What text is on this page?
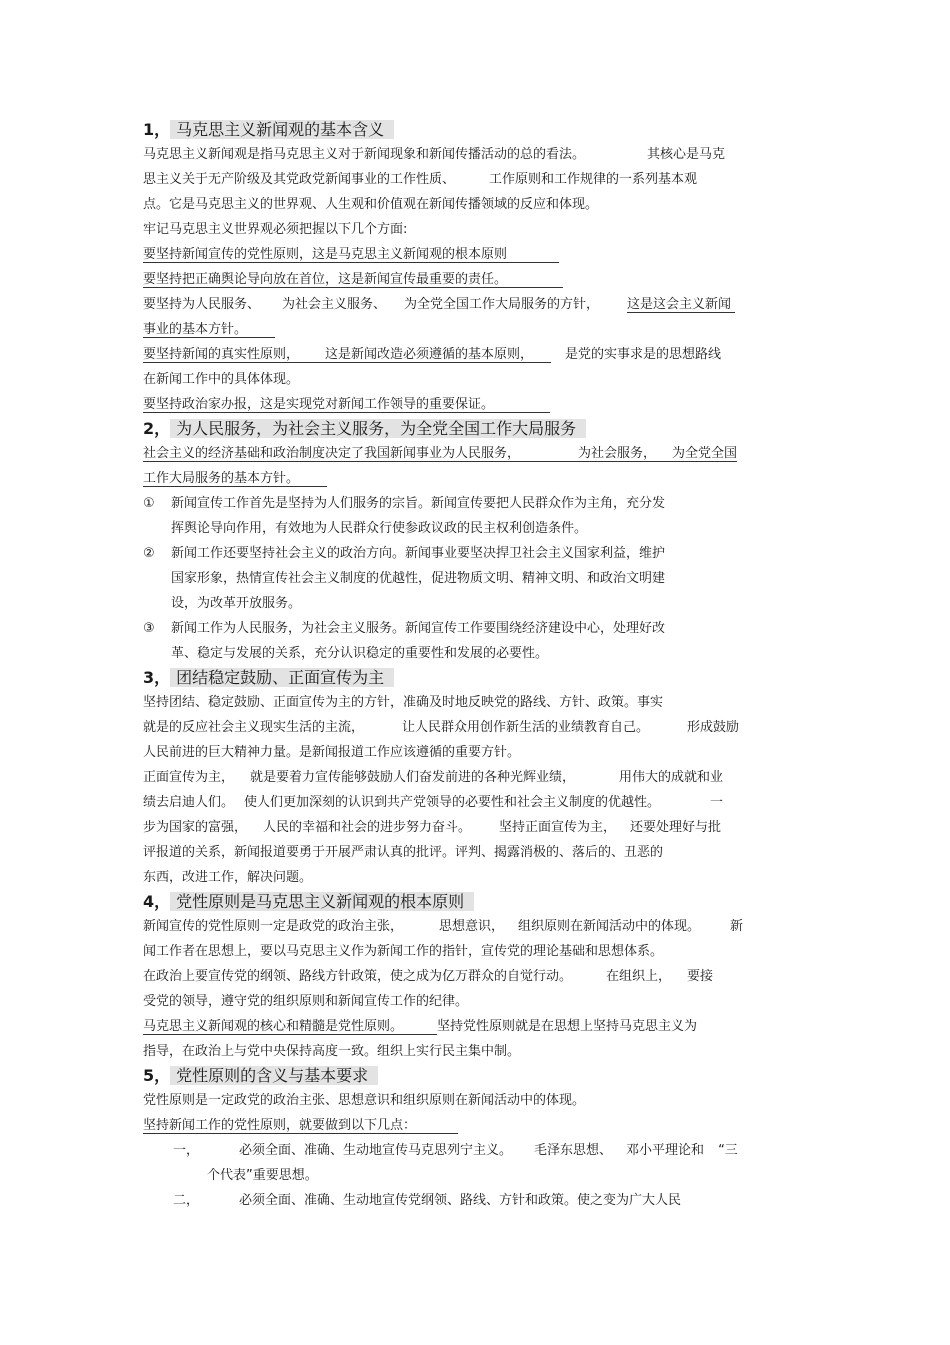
1， 马克思主义新闻观的基本含义
马克思主义新闻观是指马克思主义对于新闻现象和新闻传播活动的总的看法。	其核心是马克
思主义关于无产阶级及其党政党新闻事业的工作性质、	工作原则和工作规律的一系列基本观
点。它是马克思主义的世界观、人生观和价值观在新闻传播领域的反应和体现。
牢记马克思主义世界观必须把握以下几个方面:
要坚持新闻宣传的党性原则，这是马克思主义新闻观的根本原则
要坚持把正确舆论导向放在首位，这是新闻宣传最重要的责任。
要坚持为人民服务、 为社会主义服务、 为全党全国工作大局服务的方针， 这是这会主义新闻
事业的基本方针。
要坚持新闻的真实性原则， 这是新闻改造必须遵循的基本原则， 是党的实事求是的思想路线
在新闻工作中的具体体现。
要坚持政治家办报，这是实现党对新闻工作领导的重要保证。
2， 为人民服务，为社会主义服务，为全党全国工作大局服务
社会主义的经济基础和政治制度决定了我国新闻事业为人民服务，	为社会服务， 为全党全国
工作大局服务的基本方针。
① 新闻宣传工作首先是坚持为人们服务的宗旨。新闻宣传要把人民群众作为主角，充分发
挥舆论导向作用，有效地为人民群众行使参政议政的民主权利创造条件。
② 新闻工作还要坚持社会主义的政治方向。新闻事业要坚决捍卫社会主义国家利益，维护
国家形象，热情宣传社会主义制度的优越性，促进物质文明、精神文明、和政治文明建
设，为改革开放服务。
③ 新闻工作为人民服务，为社会主义服务。新闻宣传工作要围绕经济建设中心，处理好改
革、稳定与发展的关系，充分认识稳定的重要性和发展的必要性。
3， 团结稳定鼓励、正面宣传为主
坚持团结、稳定鼓励、正面宣传为主的方针，准确及时地反映党的路线、方针、政策。事实
就是的反应社会主义现实生活的主流，	让人民群众用创作新生活的业绩教育自己。	形成鼓励
人民前进的巨大精神力量。是新闻报道工作应该遵循的重要方针。
正面宣传为主， 就是要着力宣传能够鼓励人们奋发前进的各种光辉业绩，	用伟大的成就和业
绩去启迪人们。 使人们更加深刻的认识到共产党领导的必要性和社会主义制度的优越性。	一
步为国家的富强， 人民的幸福和社会的进步努力奋斗。 坚持正面宣传为主， 还要处理好与批
评报道的关系，新闻报道要勇于开展严肃认真的批评。评判、揭露消极的、落后的、丑恶的
东西，改进工作，解决问题。
4， 党性原则是马克思主义新闻观的根本原则
新闻宣传的党性原则一定是政党的政治主张，	思想意识， 组织原则在新闻活动中的体现。 新
闻工作者在思想上，要以马克思主义作为新闻工作的指针，宣传党的理论基础和思想体系。
在政治上要宣传党的纲领、路线方针政策，使之成为亿万群众的自觉行动。	在组织上， 要接
受党的领导，遵守党的组织原则和新闻宣传工作的纪律。
马克思主义新闻观的核心和精髓是党性原则。	坚持党性原则就是在思想上坚持马克思主义为
指导，在政治上与党中央保持高度一致。组织上实行民主集中制。
5， 党性原则的含义与基本要求
党性原则是一定政党的政治主张、思想意识和组织原则在新闻活动中的体现。
坚持新闻工作的党性原则，就要做到以下几点：
一，	必须全面、准确、生动地宣传马克思列宁主义。 毛泽东思想、 邓小平理论和 “三
个代表”重要思想。
二，	必须全面、准确、生动地宣传党纲领、路线、方针和政策。使之变为广大人民
